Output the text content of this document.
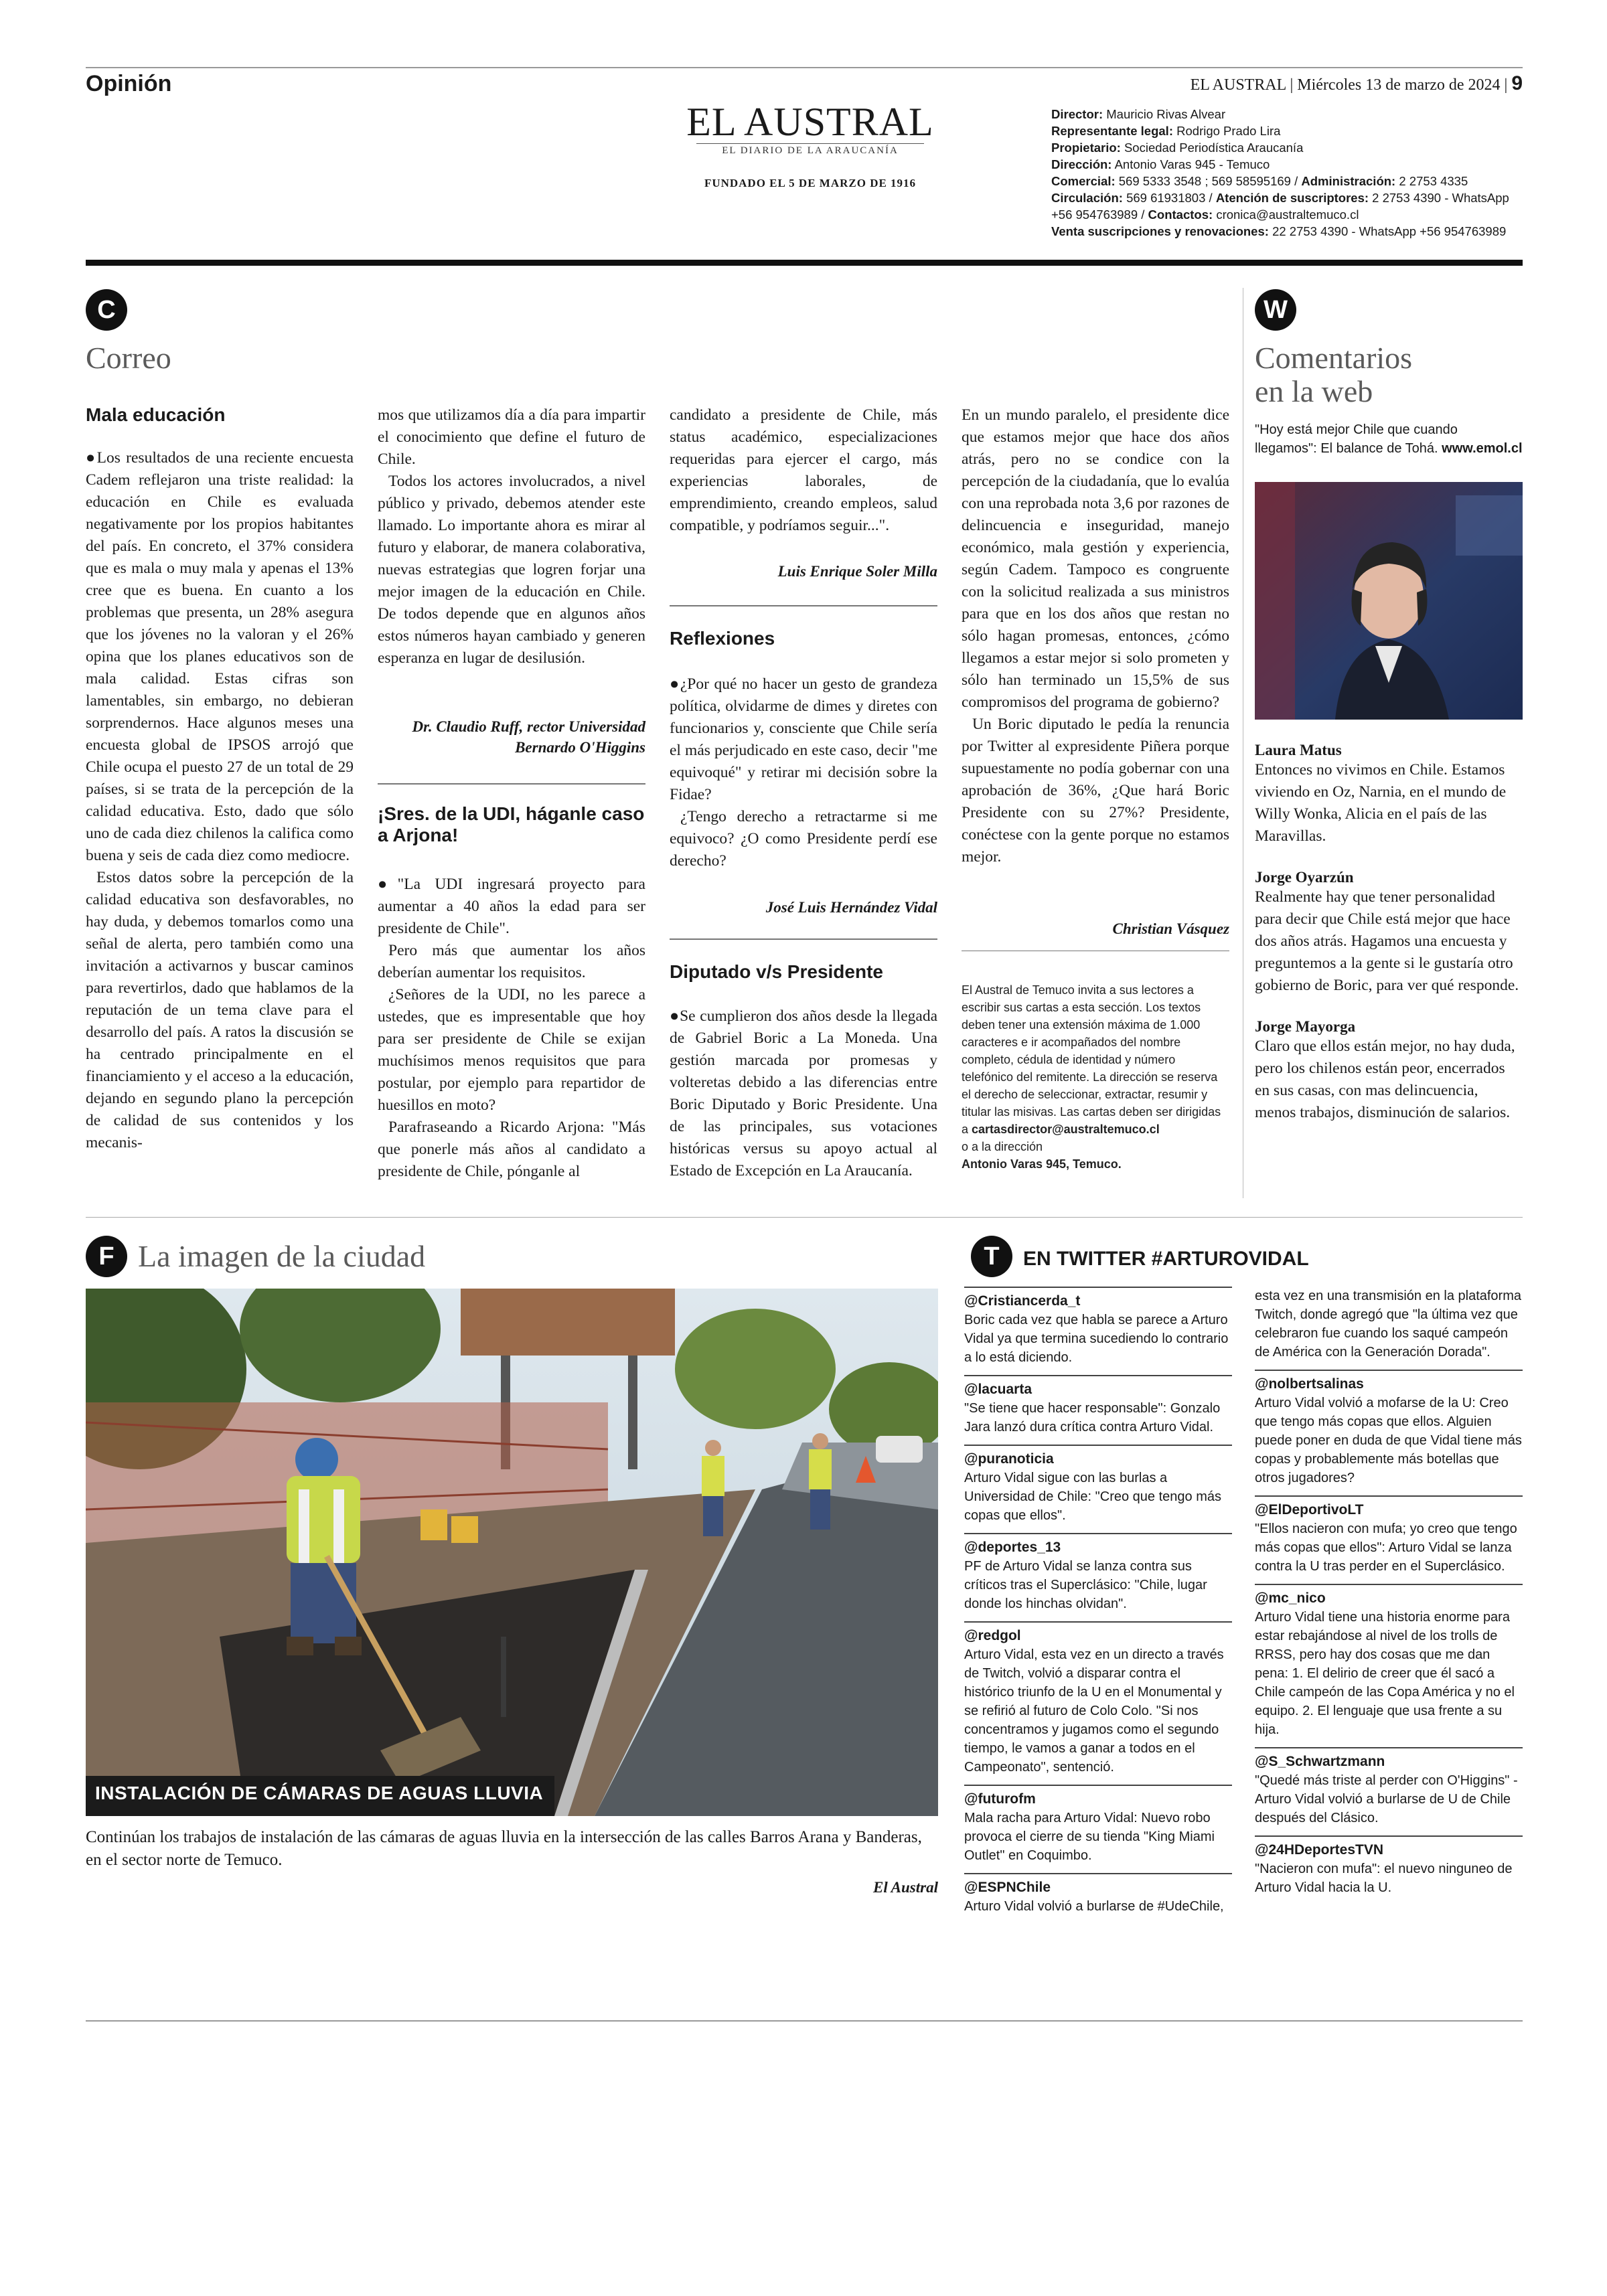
Opinión	EL AUSTRAL | Miércoles 13 de marzo de 2024 | 9
EL AUSTRAL
EL DIARIO DE LA ARAUCANÍA
FUNDADO EL 5 DE MARZO DE 1916
Director: Mauricio Rivas Alvear
Representante legal: Rodrigo Prado Lira
Propietario: Sociedad Periodística Araucanía
Dirección: Antonio Varas 945 - Temuco
Comercial: 569 5333 3548 ; 569 58595169 / Administración: 2 2753 4335
Circulación: 569 61931803 / Atención de suscriptores: 2 2753 4390 - WhatsApp +56 954763989 / Contactos: cronica@australtemuco.cl
Venta suscripciones y renovaciones: 22 2753 4390 - WhatsApp +56 954763989
C
Correo
Mala educación

●Los resultados de una reciente encuesta Cadem reflejaron una triste realidad: la educación en Chile es evaluada negativamente por los propios habitantes del país. En concreto, el 37% considera que es mala o muy mala y apenas el 13% cree que es buena. En cuanto a los problemas que presenta, un 28% asegura que los jóvenes no la valoran y el 26% opina que los planes educativos son de mala calidad. Estas cifras son lamentables, sin embargo, no debieran sorprendernos. Hace algunos meses una encuesta global de IPSOS arrojó que Chile ocupa el puesto 27 de un total de 29 países, si se trata de la percepción de la calidad educativa. Esto, dado que sólo uno de cada diez chilenos la califica como buena y seis de cada diez como mediocre.

Estos datos sobre la percepción de la calidad educativa son desfavorables, no hay duda, y debemos tomarlos como una señal de alerta, pero también como una invitación a activarnos y buscar caminos para revertirlos, dado que hablamos de la reputación de un tema clave para el desarrollo del país. A ratos la discusión se ha centrado principalmente en el financiamiento y el acceso a la educación, dejando en segundo plano la percepción de calidad de sus contenidos y los mecanis-

mos que utilizamos día a día para impartir el conocimiento que define el futuro de Chile.

Todos los actores involucrados, a nivel público y privado, debemos atender este llamado. Lo importante ahora es mirar al futuro y elaborar, de manera colaborativa, nuevas estrategias que logren forjar una mejor imagen de la educación en Chile. De todos depende que en algunos años estos números hayan cambiado y generen esperanza en lugar de desilusión.

Dr. Claudio Ruff, rector Universidad Bernardo O'Higgins
¡Sres. de la UDI, háganle caso a Arjona!

●"La UDI ingresará proyecto para aumentar a 40 años la edad para ser presidente de Chile".

Pero más que aumentar los años deberían aumentar los requisitos.

¿Señores de la UDI, no les parece a ustedes, que es impresentable que hoy para ser presidente de Chile se exijan muchísimos menos requisitos que para postular, por ejemplo para repartidor de huesillos en moto?

Parafraseando a Ricardo Arjona: "Más que ponerle más años al candidato a presidente de Chile, pónganle al

candidato a presidente de Chile, más status académico, especializaciones requeridas para ejercer el cargo, más experiencias laborales, de emprendimiento, creando empleos, salud compatible, y podríamos seguir...".

Luis Enrique Soler Milla
Reflexiones

●¿Por qué no hacer un gesto de grandeza política, olvidarme de dimes y diretes con funcionarios y, consciente que Chile sería el más perjudicado en este caso, decir "me equivoqué" y retirar mi decisión sobre la Fidae?

¿Tengo derecho a retractarme si me equivoco? ¿O como Presidente perdí ese derecho?

José Luis Hernández Vidal
Diputado v/s Presidente

●Se cumplieron dos años desde la llegada de Gabriel Boric a La Moneda. Una gestión marcada por promesas y volteretas debido a las diferencias entre Boric Diputado y Boric Presidente. Una de las principales, sus votaciones históricas versus su apoyo actual al Estado de Excepción en La Araucanía.

En un mundo paralelo, el presidente dice que estamos mejor que hace dos años atrás, pero no se condice con la percepción de la ciudadanía, que lo evalúa con una reprobada nota 3,6 por razones de delincuencia e inseguridad, manejo económico, mala gestión y experiencia, según Cadem. Tampoco es congruente con la solicitud realizada a sus ministros para que en los dos años que restan no sólo hagan promesas, entonces, ¿cómo llegamos a estar mejor si solo prometen y sólo han terminado un 15,5% de sus compromisos del programa de gobierno?

Un Boric diputado le pedía la renuncia por Twitter al expresidente Piñera porque supuestamente no podía gobernar con una aprobación de 36%, ¿Que hará Boric Presidente con su 27%? Presidente, conéctese con la gente porque no estamos mejor.

Christian Vásquez
El Austral de Temuco invita a sus lectores a escribir sus cartas a esta sección. Los textos deben tener una extensión máxima de 1.000 caracteres e ir acompañados del nombre completo, cédula de identidad y número telefónico del remitente. La dirección se reserva el derecho de seleccionar, extractar, resumir y titular las misivas. Las cartas deben ser dirigidas a cartasdirector@australtemuco.cl
o a la dirección
Antonio Varas 945, Temuco.
W
Comentarios
en la web
"Hoy está mejor Chile que cuando llegamos": El balance de Tohá. www.emol.cl
Laura Matus
Entonces no vivimos en Chile. Estamos viviendo en Oz, Narnia, en el mundo de Willy Wonka, Alicia en el país de las Maravillas.
Jorge Oyarzún
Realmente hay que tener personalidad para decir que Chile está mejor que hace dos años atrás. Hagamos una encuesta y preguntemos a la gente si le gustaría otro gobierno de Boric, para ver qué responde.
Jorge Mayorga
Claro que ellos están mejor, no hay duda, pero los chilenos están peor, encerrados en sus casas, con mas delincuencia, menos trabajos, disminución de salarios.
F La imagen de la ciudad
INSTALACIÓN DE CÁMARAS DE AGUAS LLUVIA
Continúan los trabajos de instalación de las cámaras de aguas lluvia en la intersección de las calles Barros Arana y Banderas, en el sector norte de Temuco.
El Austral
T	EN TWITTER #ARTUROVIDAL
@Cristiancerda_t
Boric cada vez que habla se parece a Arturo Vidal ya que termina sucediendo lo contrario a lo está diciendo.
@lacuarta
"Se tiene que hacer responsable": Gonzalo Jara lanzó dura crítica contra Arturo Vidal.
@puranoticia
Arturo Vidal sigue con las burlas a Universidad de Chile: "Creo que tengo más copas que ellos".
@deportes_13
PF de Arturo Vidal se lanza contra sus críticos tras el Superclásico: "Chile, lugar donde los hinchas olvidan".
@redgol
Arturo Vidal, esta vez en un directo a través de Twitch, volvió a disparar contra el histórico triunfo de la U en el Monumental y se refirió al futuro de Colo Colo. "Si nos concentramos y jugamos como el segundo tiempo, le vamos a ganar a todos en el Campeonato", sentenció.
@futurofm
Mala racha para Arturo Vidal: Nuevo robo provoca el cierre de su tienda "King Miami Outlet" en Coquimbo.
@ESPNChile
Arturo Vidal volvió a burlarse de #UdeChile,
esta vez en una transmisión en la plataforma Twitch, donde agregó que "la última vez que celebraron fue cuando los saqué campeón de América con la Generación Dorada".
@nolbertsalinas
Arturo Vidal volvió a mofarse de la U: Creo que tengo más copas que ellos. Alguien puede poner en duda de que Vidal tiene más copas y probablemente más botellas que otros jugadores?
@ElDeportivoLT
"Ellos nacieron con mufa; yo creo que tengo más copas que ellos": Arturo Vidal se lanza contra la U tras perder en el Superclásico.
@mc_nico
Arturo Vidal tiene una historia enorme para estar rebajándose al nivel de los trolls de RRSS, pero hay dos cosas que me dan pena: 1. El delirio de creer que él sacó a Chile campeón de las Copa América y no el equipo. 2. El lenguaje que usa frente a su hija.
@S_Schwartzmann
"Quedé más triste al perder con O'Higgins" - Arturo Vidal volvió a burlarse de U de Chile después del Clásico.
@24HDeportesTVN
"Nacieron con mufa": el nuevo ninguneo de Arturo Vidal hacia la U.
